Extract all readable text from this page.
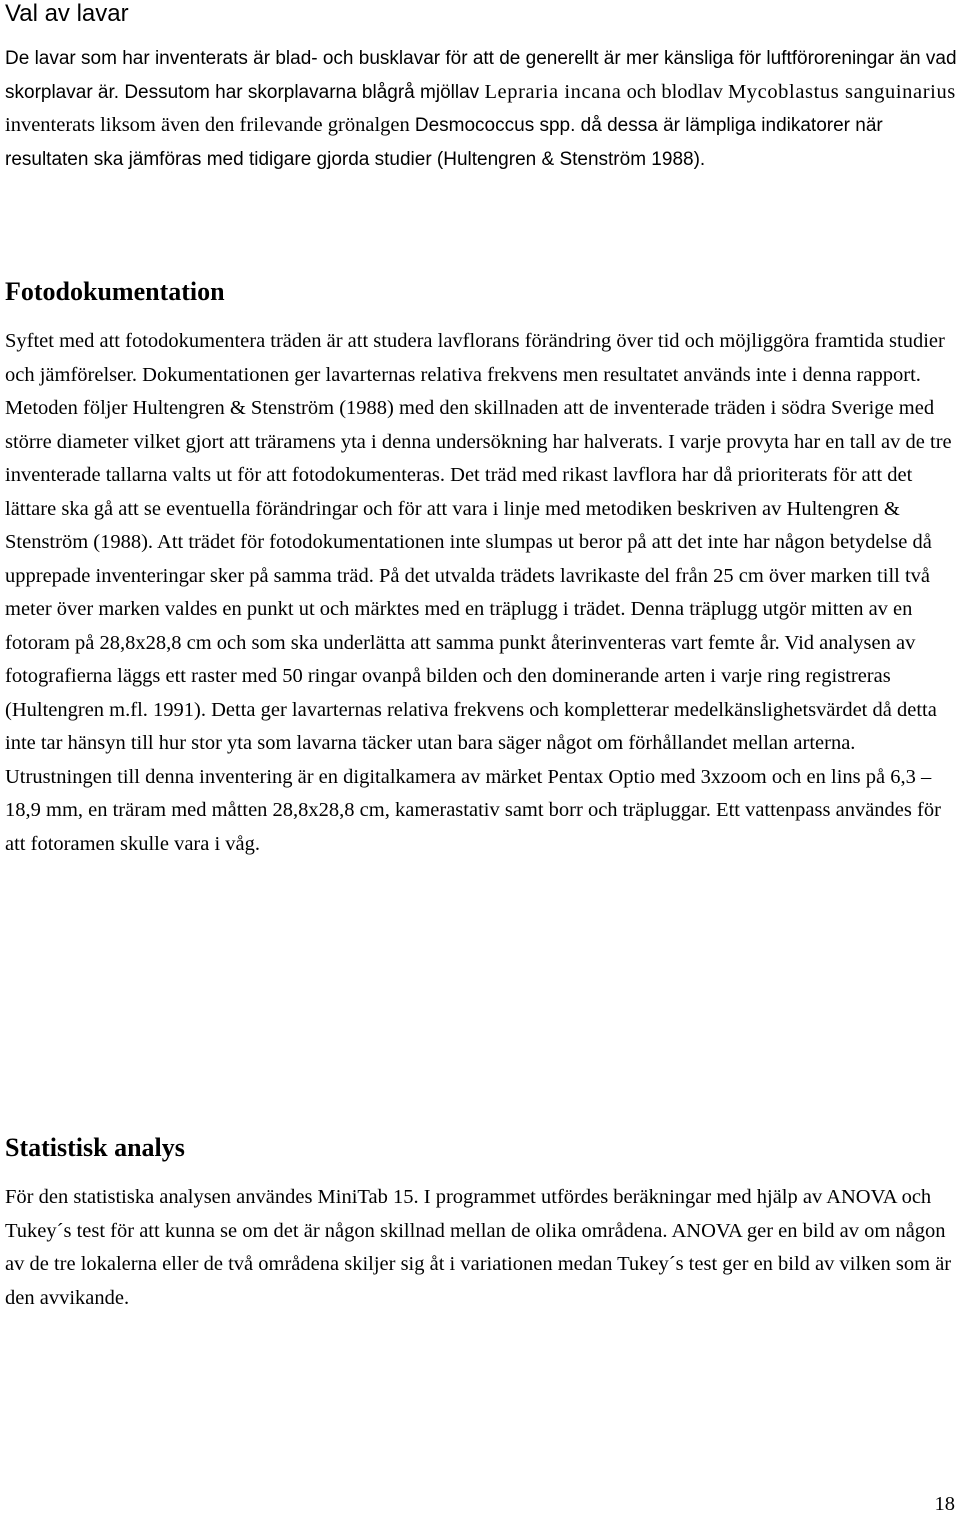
Val av lavar

De lavar som har inventerats är blad- och busklavar för att de generellt är mer känsliga för luftföroreningar än vad skorplavar är. Dessutom har skorplavarna blågrå mjöllav Lepraria incana och blodlav Mycoblastus sanguinarius inventerats liksom även den frilevande grönalgen Desmococcus spp. då dessa är lämpliga indikatorer när resultaten ska jämföras med tidigare gjorda studier (Hultengren & Stenström 1988).

Fotodokumentation

Syftet med att fotodokumentera träden är att studera lavflorans förändring över tid och möjliggöra framtida studier och jämförelser. Dokumentationen ger lavarternas relativa frekvens men resultatet används inte i denna rapport. Metoden följer Hultengren & Stenström (1988) med den skillnaden att de inventerade träden i södra Sverige med större diameter vilket gjort att träramens yta i denna undersökning har halverats. I varje provyta har en tall av de tre inventerade tallarna valts ut för att fotodokumenteras. Det träd med rikast lavflora har då prioriterats för att det lättare ska gå att se eventuella förändringar och för att vara i linje med metodiken beskriven av Hultengren & Stenström (1988). Att trädet för fotodokumentationen inte slumpas ut beror på att det inte har någon betydelse då upprepade inventeringar sker på samma träd. På det utvalda trädets lavrikaste del från 25 cm över marken till två meter över marken valdes en punkt ut och märktes med en träplugg i trädet. Denna träplugg utgör mitten av en fotoram på 28,8x28,8 cm och som ska underlätta att samma punkt återinventeras vart femte år. Vid analysen av fotografierna läggs ett raster med 50 ringar ovanpå bilden och den dominerande arten i varje ring registreras (Hultengren m.fl. 1991). Detta ger lavarternas relativa frekvens och kompletterar medelkänslighetsvärdet då detta inte tar hänsyn till hur stor yta som lavarna täcker utan bara säger något om förhållandet mellan arterna. Utrustningen till denna inventering är en digitalkamera av märket Pentax Optio med 3xzoom och en lins på 6,3 – 18,9 mm, en träram med måtten 28,8x28,8 cm, kamerastativ samt borr och träpluggar. Ett vattenpass användes för att fotoramen skulle vara i våg.

Statistisk analys

För den statistiska analysen användes MiniTab 15. I programmet utfördes beräkningar med hjälp av ANOVA och Tukey´s test för att kunna se om det är någon skillnad mellan de olika områdena. ANOVA ger en bild av om någon av de tre lokalerna eller de två områdena skiljer sig åt i variationen medan Tukey´s test ger en bild av vilken som är den avvikande.

18
